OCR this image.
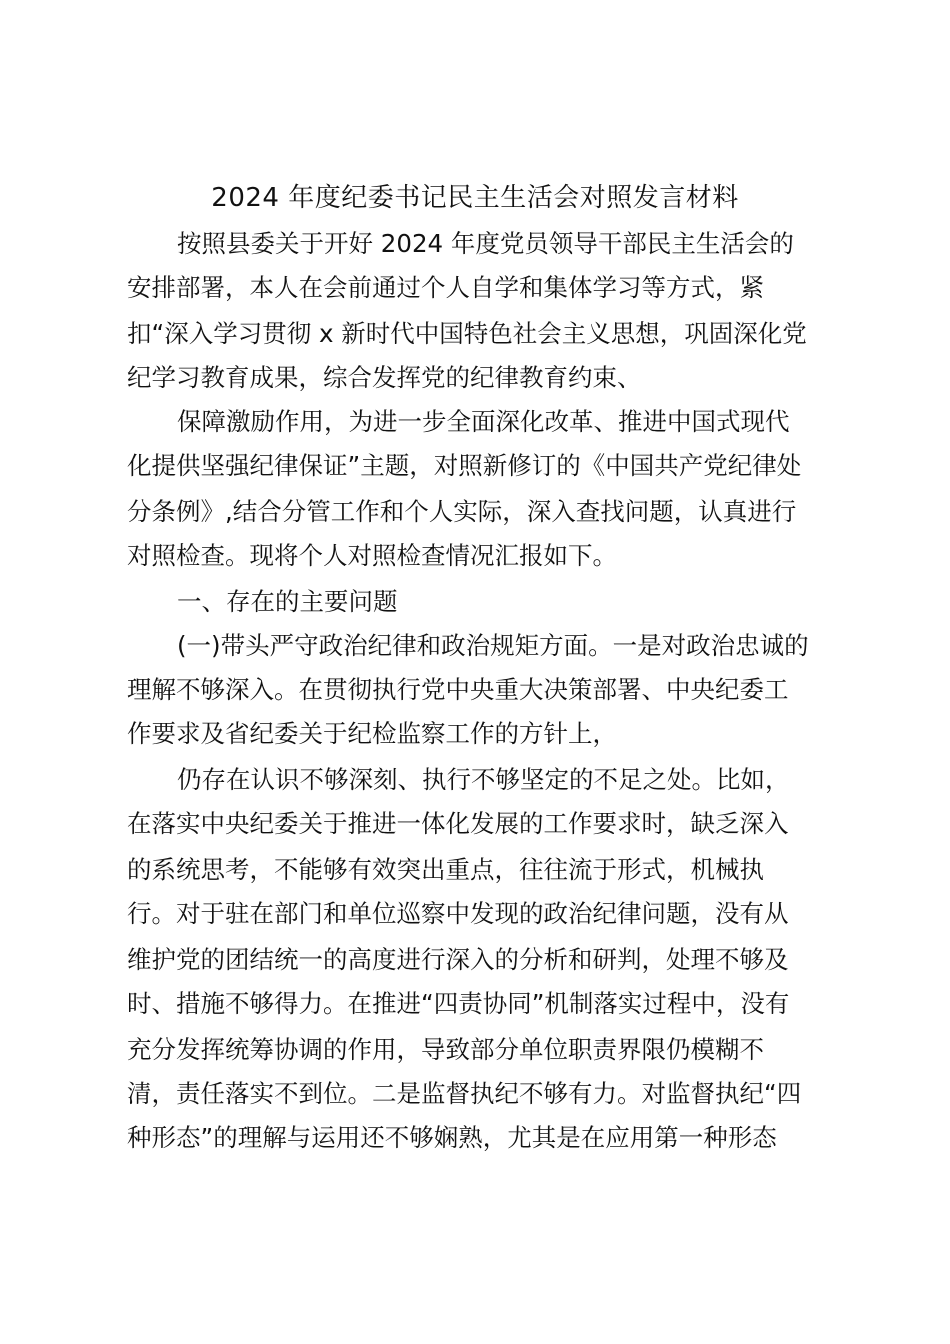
2024 年度纪委书记民主生活会对照发言材料
按照县委关于开好 2024 年度党员领导干部民主生活会的
安排部署，本人在会前通过个人自学和集体学习等方式，紧
扣“深入学习贯彻 x 新时代中国特色社会主义思想，巩固深化党
纪学习教育成果，综合发挥党的纪律教育约束、
保障激励作用，为进一步全面深化改革、推进中国式现代
化提供坚强纪律保证”主题，对照新修订的《中国共产党纪律处
分条例》,结合分管工作和个人实际，深入查找问题，认真进行
对照检查。现将个人对照检查情况汇报如下。
一、存在的主要问题
(一)带头严守政治纪律和政治规矩方面。一是对政治忠诚的
理解不够深入。在贯彻执行党中央重大决策部署、中央纪委工
作要求及省纪委关于纪检监察工作的方针上，
仍存在认识不够深刻、执行不够坚定的不足之处。比如，
在落实中央纪委关于推进一体化发展的工作要求时，缺乏深入
的系统思考，不能够有效突出重点，往往流于形式，机械执
行。对于驻在部门和单位巡察中发现的政治纪律问题，没有从
维护党的团结统一的高度进行深入的分析和研判，处理不够及
时、措施不够得力。在推进“四责协同”机制落实过程中，没有
充分发挥统筹协调的作用，导致部分单位职责界限仍模糊不
清，责任落实不到位。二是监督执纪不够有力。对监督执纪“四
种形态”的理解与运用还不够娴熟，尤其是在应用第一种形态
